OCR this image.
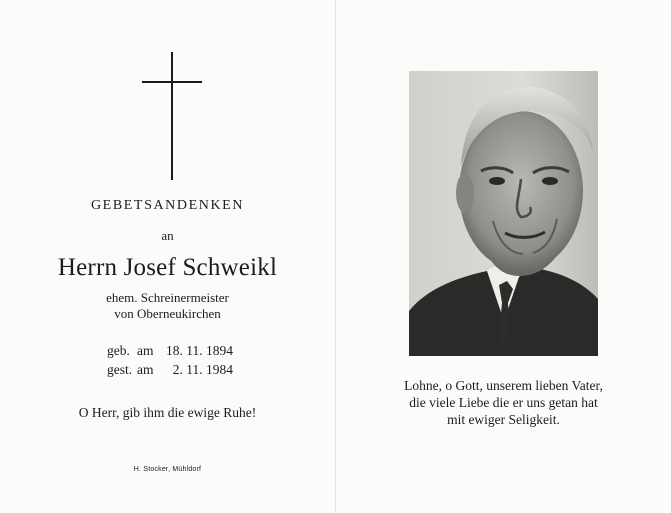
GEBETSANDENKEN
an
Herrn Josef Schweikl
ehem. Schreinermeister
von Oberneukirchen
geb. am 18. 11. 1894
gest. am 2. 11. 1984
O Herr, gib ihm die ewige Ruhe!
H. Stocker, Mühldorf
Lohne, o Gott, unserem lieben Vater,
die viele Liebe die er uns getan hat
mit ewiger Seligkeit.
